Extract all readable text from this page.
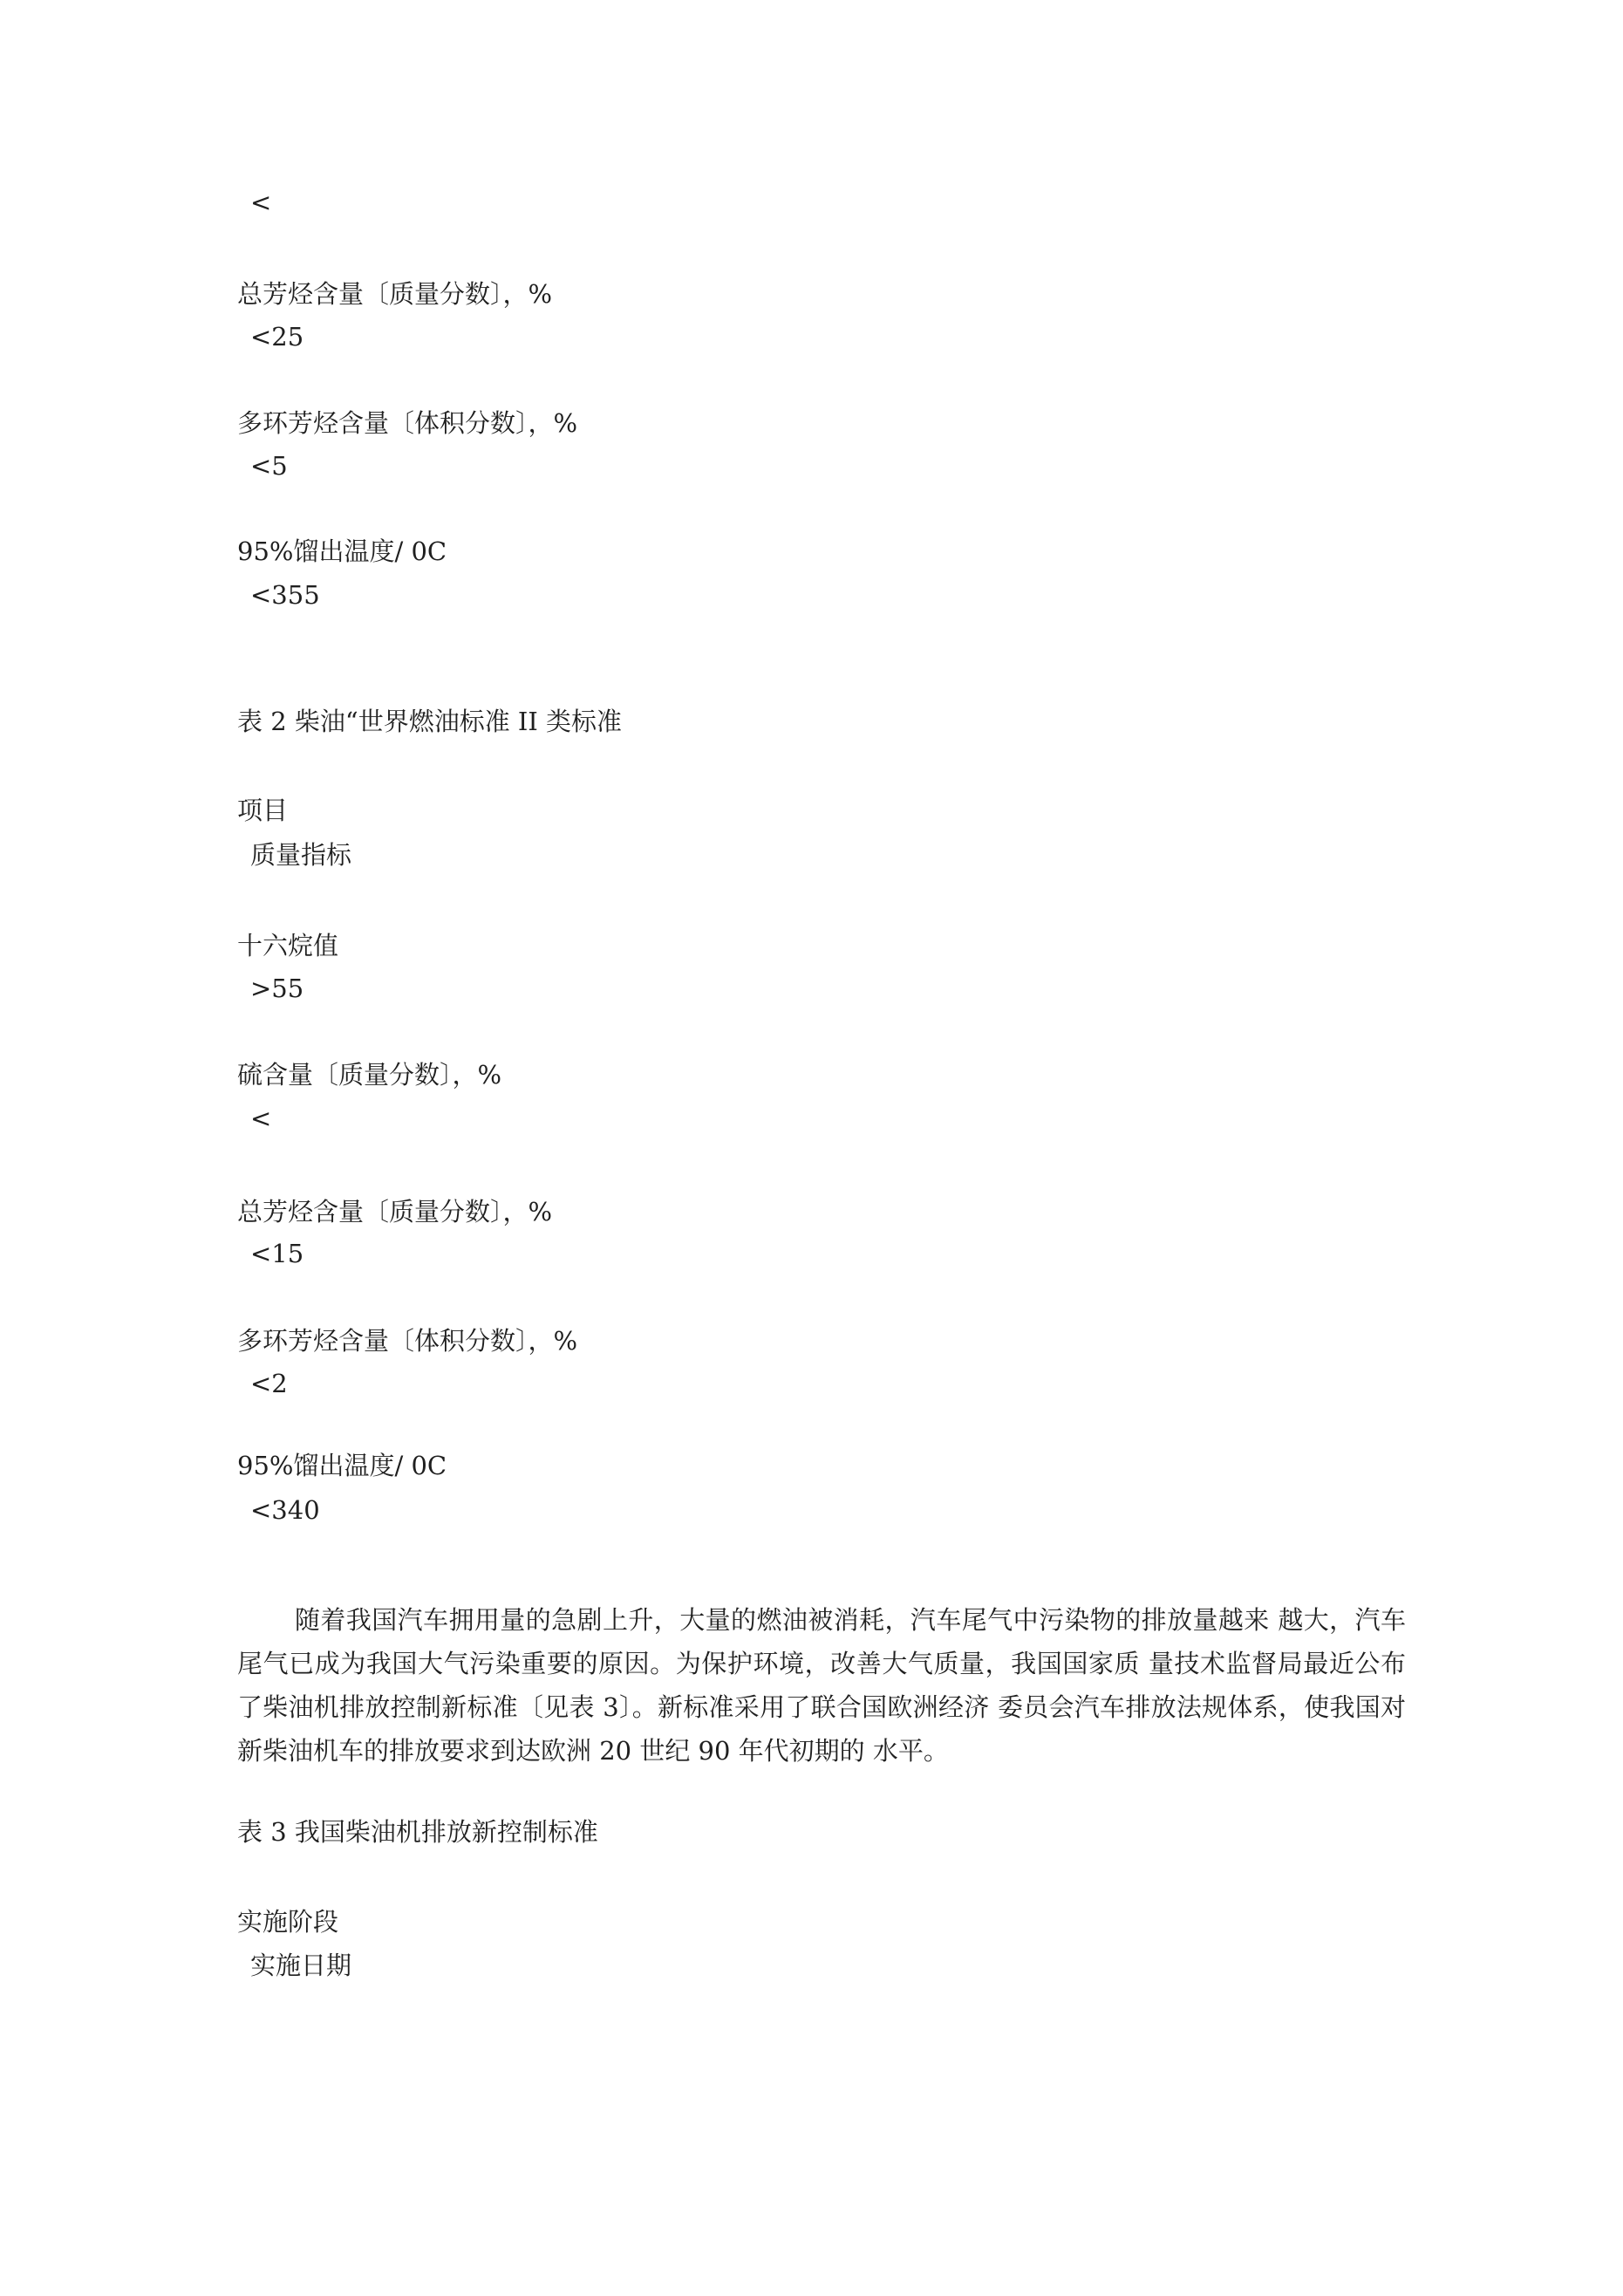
<
总芳烃含量〔质量分数〕，%
<25
多环芳烃含量〔体积分数〕，%
<5
95%馏出温度/ 0C
<355
表 2 柴油“世界燃油标准 II 类标准
项目
质量指标
十六烷值
>55
硫含量〔质量分数〕，%
<
总芳烃含量〔质量分数〕，%
<15
多环芳烃含量〔体积分数〕，%
<2
95%馏出温度/ 0C
<340
随着我国汽车拥用量的急剧上升，大量的燃油被消耗，汽车尾气中污染物的排放量越来 越大，汽车尾气已成为我国大气污染重要的原因。为保护环境，改善大气质量，我国国家质 量技术监督局最近公布了柴油机排放控制新标准〔见表 3〕。新标准采用了联合国欧洲经济 委员会汽车排放法规体系，使我国对新柴油机车的排放要求到达欧洲 20 世纪 90 年代初期的 水平。
表 3 我国柴油机排放新控制标准
实施阶段
实施日期
